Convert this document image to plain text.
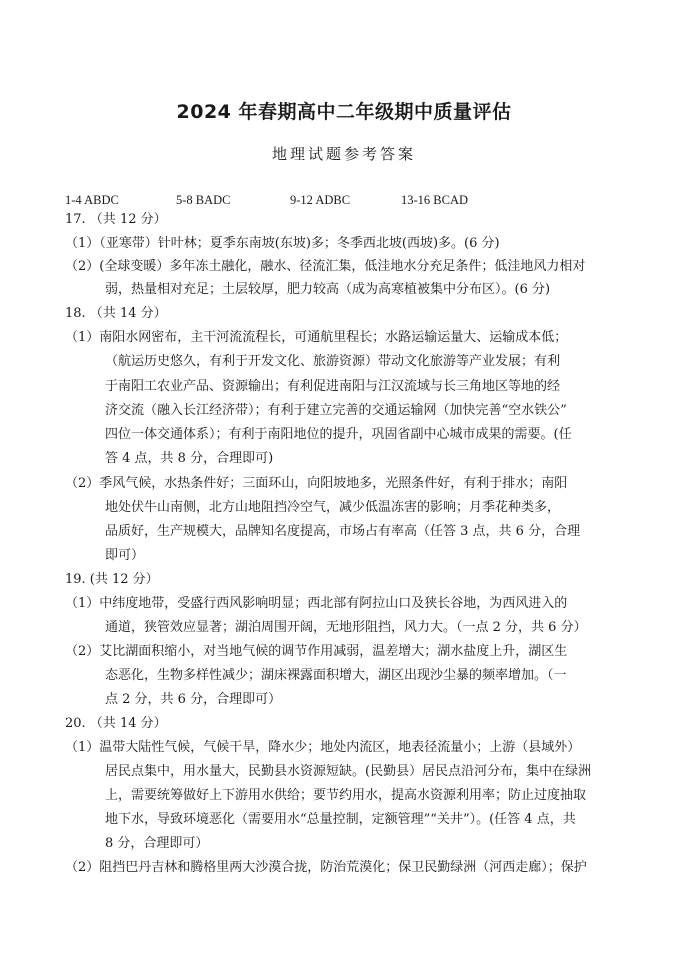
2024 年春期高中二年级期中质量评估
地理试题参考答案
1-4 ABDC	5-8 BADC	9-12 ADBC	13-16 BCAD
17. （共 12 分）
（1）（亚寒带）针叶林；夏季东南坡(东坡)多；冬季西北坡(西坡)多。(6 分)
（2）(全球变暖）多年冻土融化，融水、径流汇集，低洼地水分充足条件；低洼地风力相对
弱，热量相对充足；土层较厚，肥力较高（成为高寒植被集中分布区）。(6 分)
18. （共 14 分）
（1）南阳水网密布，主干河流流程长，可通航里程长；水路运输运量大、运输成本低；
（航运历史悠久，有利于开发文化、旅游资源）带动文化旅游等产业发展；有利
于南阳工农业产品、资源输出；有利促进南阳与江汉流域与长三角地区等地的经
济交流（融入长江经济带）；有利于建立完善的交通运输网（加快完善“空水铁公”
四位一体交通体系）；有利于南阳地位的提升，巩固省副中心城市成果的需要。(任
答 4 点，共 8 分，合理即可)
（2）季风气候，水热条件好；三面环山，向阳坡地多，光照条件好，有利于排水；南阳
地处伏牛山南侧，北方山地阻挡冷空气，减少低温冻害的影响；月季花种类多，
品质好，生产规模大，品牌知名度提高，市场占有率高（任答 3 点，共 6 分，合理
即可）
19. (共 12 分）
（1）中纬度地带，受盛行西风影响明显；西北部有阿拉山口及狭长谷地，为西风进入的
通道，狭管效应显著；湖泊周围开阔，无地形阻挡，风力大。（一点 2 分，共 6 分）
（2）艾比湖面积缩小，对当地气候的调节作用减弱，温差增大；湖水盐度上升，湖区生
态恶化，生物多样性减少；湖床裸露面积增大，湖区出现沙尘暴的频率增加。（一
点 2 分，共 6 分，合理即可）
20. （共 14 分）
（1）温带大陆性气候，气候干旱，降水少；地处内流区，地表径流量小；上游（县域外）
居民点集中，用水量大，民勤县水资源短缺。(民勤县）居民点沿河分布，集中在绿洲
上，需要统筹做好上下游用水供给；要节约用水，提高水资源利用率；防止过度抽取
地下水，导致环境恶化（需要用水“总量控制，定额管理”“关井”）。(任答 4 点，共
8 分，合理即可）
（2）阻挡巴丹吉林和腾格里两大沙漠合拢，防治荒漠化；保卫民勤绿洲（河西走廊）；保护
